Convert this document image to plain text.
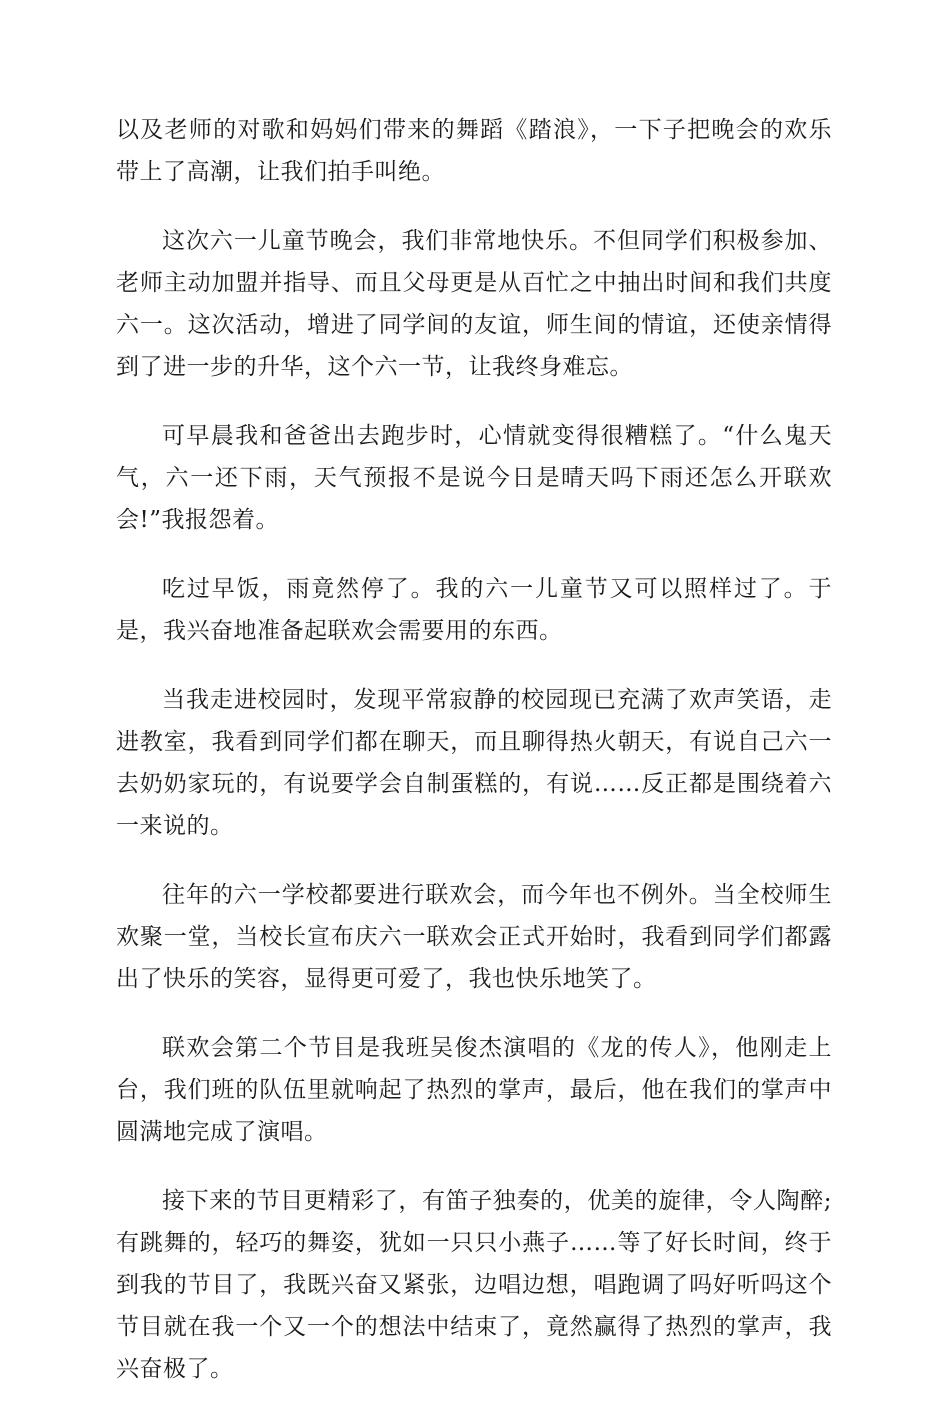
以及老师的对歌和妈妈们带来的舞蹈《踏浪》，一下子把晚会的欢乐带上了高潮，让我们拍手叫绝。

这次六一儿童节晚会，我们非常地快乐。不但同学们积极参加、老师主动加盟并指导、而且父母更是从百忙之中抽出时间和我们共度六一。这次活动，增进了同学间的友谊，师生间的情谊，还使亲情得到了进一步的升华，这个六一节，让我终身难忘。

可早晨我和爸爸出去跑步时，心情就变得很糟糕了。“什么鬼天气，六一还下雨，天气预报不是说今日是晴天吗下雨还怎么开联欢会!”我报怨着。

吃过早饭，雨竟然停了。我的六一儿童节又可以照样过了。于是，我兴奋地准备起联欢会需要用的东西。

当我走进校园时，发现平常寂静的校园现已充满了欢声笑语，走进教室，我看到同学们都在聊天，而且聊得热火朝天，有说自己六一去奶奶家玩的，有说要学会自制蛋糕的，有说……反正都是围绕着六一来说的。

往年的六一学校都要进行联欢会，而今年也不例外。当全校师生欢聚一堂，当校长宣布庆六一联欢会正式开始时，我看到同学们都露出了快乐的笑容，显得更可爱了，我也快乐地笑了。

联欢会第二个节目是我班吴俊杰演唱的《龙的传人》，他刚走上台，我们班的队伍里就响起了热烈的掌声，最后，他在我们的掌声中圆满地完成了演唱。

接下来的节目更精彩了，有笛子独奏的，优美的旋律，令人陶醉;有跳舞的，轻巧的舞姿，犹如一只只小燕子……等了好长时间，终于到我的节目了，我既兴奋又紧张，边唱边想，唱跑调了吗好听吗这个节目就在我一个又一个的想法中结束了，竟然赢得了热烈的掌声，我兴奋极了。
